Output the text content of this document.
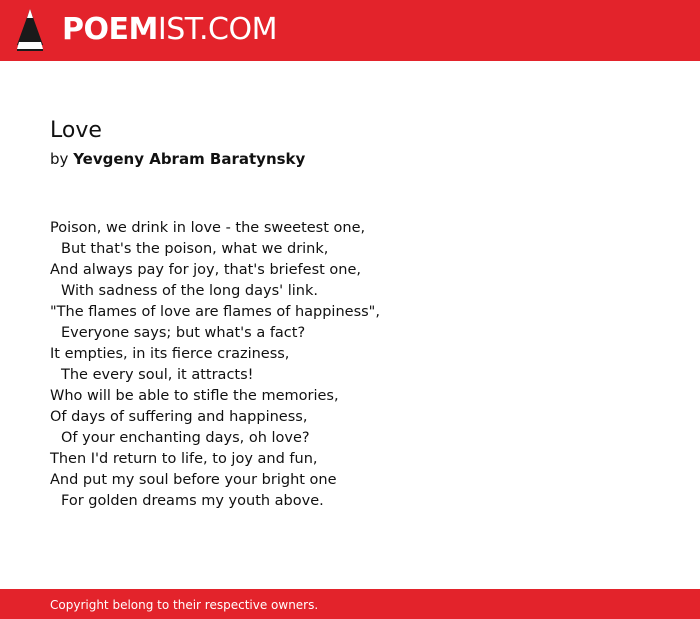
POEMIST.COM
Love
by Yevgeny Abram Baratynsky
Poison, we drink in love - the sweetest one,
But that's the poison, what we drink,
And always pay for joy, that's briefest one,
With sadness of the long days' link.
"The flames of love are flames of happiness",
Everyone says; but what's a fact?
It empties, in its fierce craziness,
The every soul, it attracts!
Who will be able to stifle the memories,
Of days of suffering and happiness,
Of your enchanting days, oh love?
Then I'd return to life, to joy and fun,
And put my soul before your bright one
For golden dreams my youth above.
Copyright belong to their respective owners.
